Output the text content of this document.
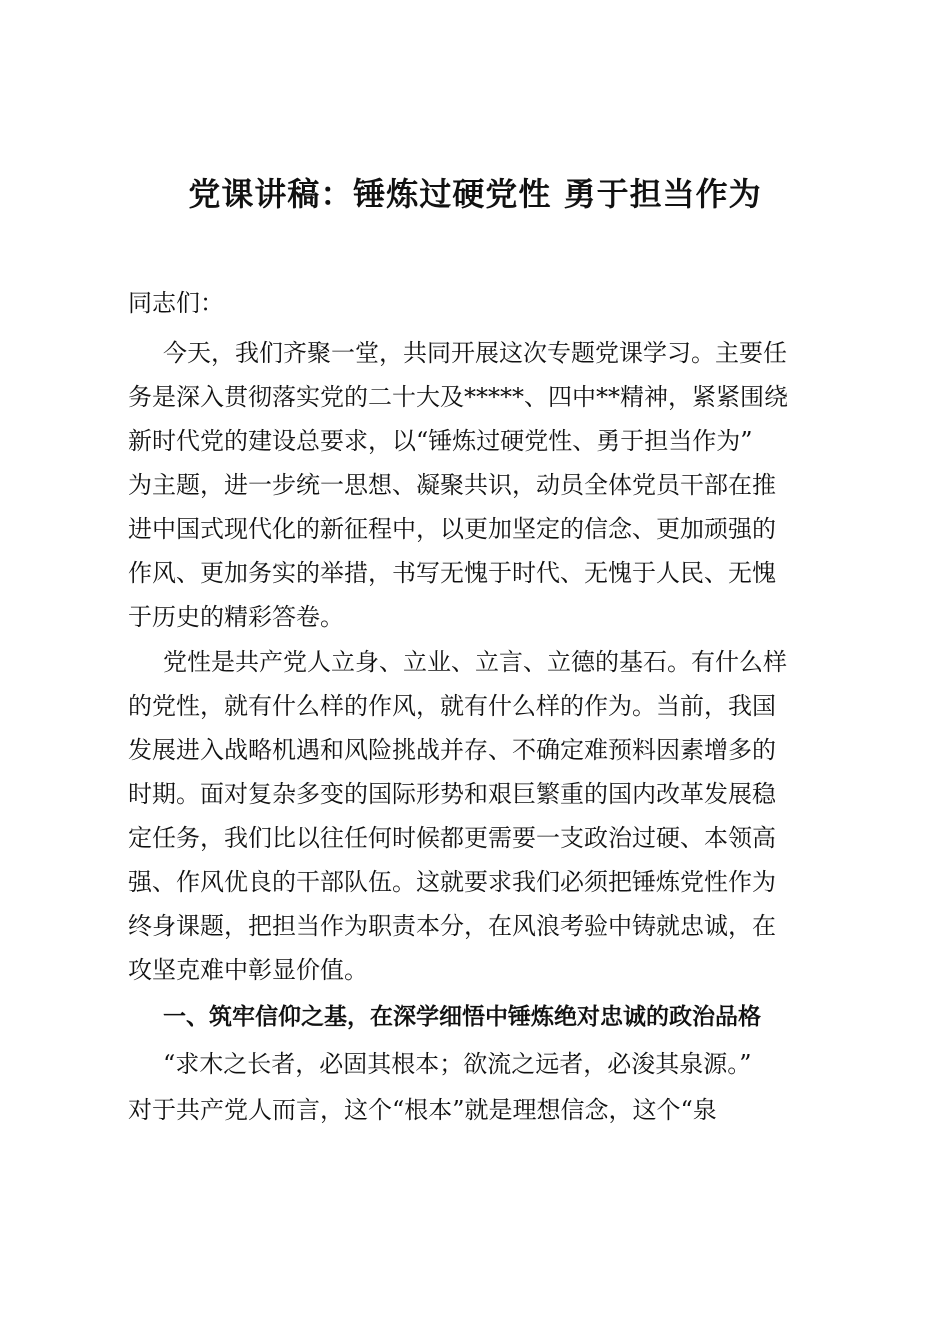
党课讲稿：锤炼过硬党性 勇于担当作为

同志们：

今天，我们齐聚一堂，共同开展这次专题党课学习。主要任

务是深入贯彻落实党的二十大及*****、四中**精神，紧紧围绕

新时代党的建设总要求，以“锤炼过硬党性、勇于担当作为”

为主题，进一步统一思想、凝聚共识，动员全体党员干部在推

进中国式现代化的新征程中，以更加坚定的信念、更加顽强的

作风、更加务实的举措，书写无愧于时代、无愧于人民、无愧

于历史的精彩答卷。

党性是共产党人立身、立业、立言、立德的基石。有什么样

的党性，就有什么样的作风，就有什么样的作为。当前，我国

发展进入战略机遇和风险挑战并存、不确定难预料因素增多的

时期。面对复杂多变的国际形势和艰巨繁重的国内改革发展稳

定任务，我们比以往任何时候都更需要一支政治过硬、本领高

强、作风优良的干部队伍。这就要求我们必须把锤炼党性作为

终身课题，把担当作为职责本分，在风浪考验中铸就忠诚，在

攻坚克难中彰显价值。

一、筑牢信仰之基，在深学细悟中锤炼绝对忠诚的政治品格

“求木之长者，必固其根本；欲流之远者，必浚其泉源。”

对于共产党人而言，这个“根本”就是理想信念，这个“泉
